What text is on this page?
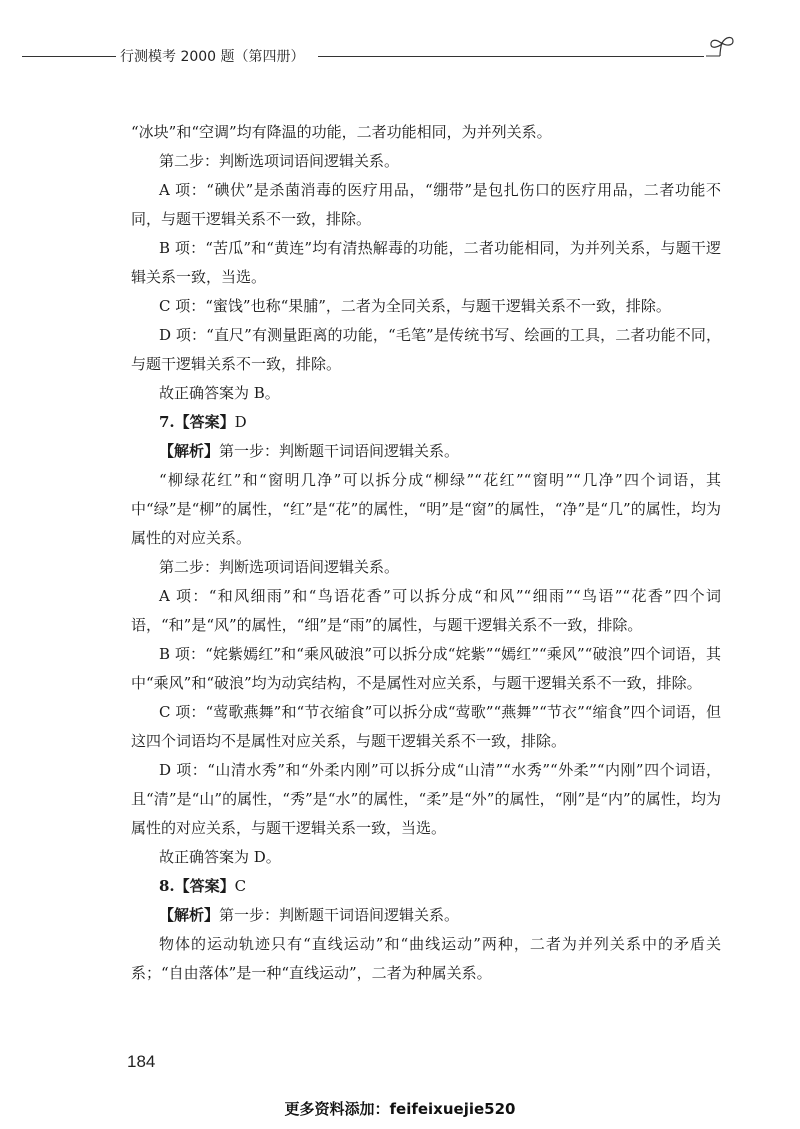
行测模考 2000 题（第四册）

“冰块”和“空调”均有降温的功能，二者功能相同，为并列关系。

第二步：判断选项词语间逻辑关系。

A 项：“碘伏”是杀菌消毒的医疗用品，“绷带”是包扎伤口的医疗用品，二者功能不同，与题干逻辑关系不一致，排除。

B 项：“苦瓜”和“黄连”均有清热解毒的功能，二者功能相同，为并列关系，与题干逻辑关系一致，当选。

C 项：“蜜饯”也称“果脯”，二者为全同关系，与题干逻辑关系不一致，排除。

D 项：“直尺”有测量距离的功能，“毛笔”是传统书写、绘画的工具，二者功能不同，与题干逻辑关系不一致，排除。

故正确答案为 B。

7.【答案】D

【解析】第一步：判断题干词语间逻辑关系。

“柳绿花红”和“窗明几净”可以拆分成“柳绿”“花红”“窗明”“几净”四个词语，其中“绿”是“柳”的属性，“红”是“花”的属性，“明”是“窗”的属性，“净”是“几”的属性，均为属性的对应关系。

第二步：判断选项词语间逻辑关系。

A 项：“和风细雨”和“鸟语花香”可以拆分成“和风”“细雨”“鸟语”“花香”四个词语，“和”是“风”的属性，“细”是“雨”的属性，与题干逻辑关系不一致，排除。

B 项：“姹紫嫣红”和“乘风破浪”可以拆分成“姹紫”“嫣红”“乘风”“破浪”四个词语，其中“乘风”和“破浪”均为动宾结构，不是属性对应关系，与题干逻辑关系不一致，排除。

C 项：“莺歌燕舞”和“节衣缩食”可以拆分成“莺歌”“燕舞”“节衣”“缩食”四个词语，但这四个词语均不是属性对应关系，与题干逻辑关系不一致，排除。

D 项：“山清水秀”和“外柔内刚”可以拆分成“山清”“水秀”“外柔”“内刚”四个词语，且“清”是“山”的属性，“秀”是“水”的属性，“柔”是“外”的属性，“刚”是“内”的属性，均为属性的对应关系，与题干逻辑关系一致，当选。

故正确答案为 D。

8.【答案】C

【解析】第一步：判断题干词语间逻辑关系。

物体的运动轨迹只有“直线运动”和“曲线运动”两种，二者为并列关系中的矛盾关系；“自由落体”是一种“直线运动”，二者为种属关系。

184
更多资料添加：feifeixuejie520
